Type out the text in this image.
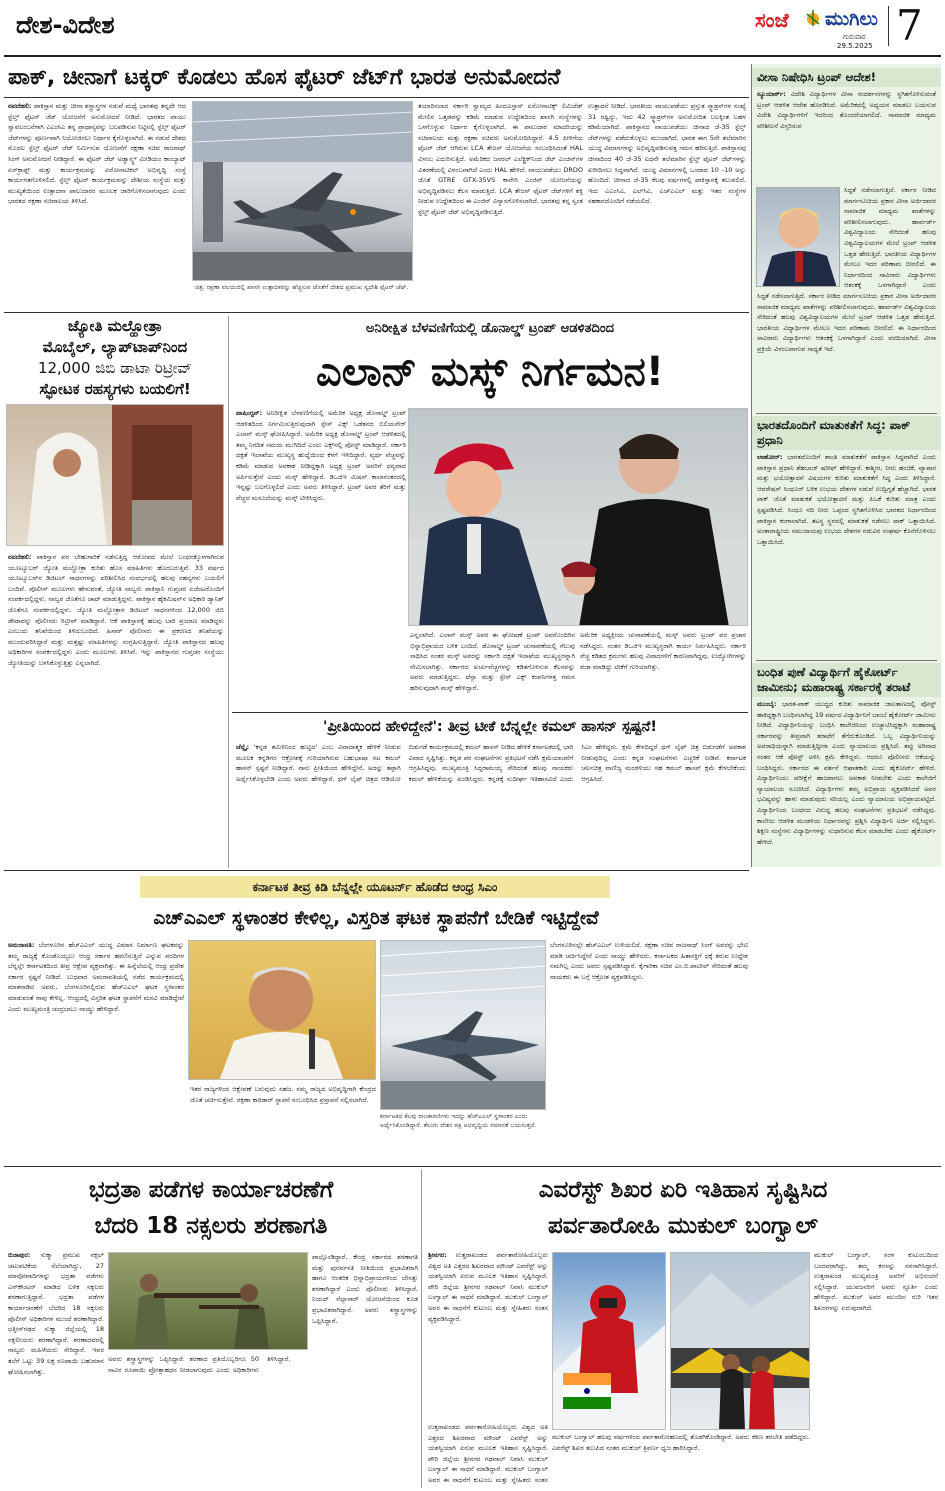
ದೇಶ-ವಿದೇಶ	ಸಂಜೆ ಮುಗಿಲು
ಗುರುವಾರ
29.5.2025 7
ಪಾಕ್, ಚೀನಾಗೆ ಟಕ್ಕರ್ ಕೊಡಲು ಹೊಸ ಫೈಟರ್ ಜೆಟ್‌ಗೆ ಭಾರತ ಅನುಮೋದನೆ
ನವದೆಹಲಿ: ಪಾಕಿಸ್ತಾನ ಮತ್ತು ಚೀನಾ ಶಸ್ತ್ರಾಸ್ತ್ರಗಳ ನಡುವೆ ಮಧ್ಯೆ ಭಾರತವು ತನ್ನದೇ ಆದ ಸ್ಟೆಲ್ತ್ ಫೈಟರ್ ಜೆಟ್ ಯೋಜನೆಗೆ ಅನುಮೋದನೆ ನೀಡಿದೆ. ಭಾರತದ ವಾಯು ಸ್ವಾವಲಂಬನೆಗಾಗಿ ಎಎಂಸಿಎ ತನ್ನ ಪ್ರಾಥಾನ್ಯವನ್ನು ಬಲಪಡಿಸುವ ನಿಟ್ಟಿನಲ್ಲಿ ಸ್ಟೆಲ್ತ್ ಫೈಟರ್ ಜೆಟ್‌ಗಳನ್ನು ಪೂರ್ಣವಾಗಿ ನಿಯೋಜಿಸಲು ನಿರ್ಧಾರ ಕೈಗೊಳ್ಳಲಾಗಿದೆ. ಈ ನಡುವೆ ದೇಶದ ಮೊದಲ ಸ್ಟೆಲ್ತ್ ಫೈಟರ್ ಜೆಟ್ ನಿರ್ಮಿಸುವ ಯೋಜನೆಗೆ ರಕ್ಷಣಾ ಸಚಿವ ರಾಜನಾಥ್ ಸಿಂಗ್ ಅನುಮೋದನೆ ನೀಡಿದ್ದಾರೆ. ಈ ಫೈಟರ್ ಜೆಟ್ ಅಡ್ವಾನ್ಸ್ಡ್ ಮೀಡಿಯಂ ಕಾಂಬ್ಯಾಟ್ ಏರ್‌ಕ್ರಾಫ್ಟ್ ಮತ್ತು ಕಾರ್ಯಕ್ರಮವನ್ನು ಏರೋನಾಟಿಕಲ್ ಅಭಿವೃದ್ಧಿ ಸಂಸ್ಥೆ ಕಾರ್ಯಗತಗೊಳಿಸಲಿದೆ. ಸ್ಟೆಲ್ತ್ ಫೈಟರ್ ಕಾರ್ಯಕ್ರಮವನ್ನು ದೇಶೀಯ ಸಂಸ್ಥೆಯ ಮತ್ತು ಮುಖ್ಯತೆಯಿಂದ ಉತ್ಪಾದನಾ ಪಾಲುದಾರರ ಮೂಲಕ ಜಾರಿಗೊಳಿಸಲಾಗುವುದು ಎಂದು ಭಾರತದ ರಕ್ಷಣಾ ಸಚಿವಾಲಯ ತಿಳಿಸಿದೆ.
ಚಿತ್ರ: ರಕ್ಷಣಾ ವಲಯದಲ್ಲಿ ಖಾಸಗಿ ಉತ್ಪಾದಕರನ್ನು ಹೆಚ್ಚಿಸುವ ಜೊತೆಗೆ ದೇಶದ ಪ್ರಮುಖ ಸ್ವದೇಶಿ ಫೈಟರ್ ಜೆಟ್.
ತಯಾರಿಸಲಾದ ಸರ್ಕಾರಿ ಸ್ವಾಮ್ಯದ ಹಿಂದೂಸ್ತಾನ್ ಏರೋನಾಟಿಕ್ಸ್ ಲಿಮಿಟೆಡ್ ಮೇಲಿನ ಒತ್ತಡವನ್ನು ಕಡಿಮೆ ಮಾಡುವ ಉದ್ದೇಶದಿಂದ ಖಾಸಗಿ ಸಂಸ್ಥೆಗಳನ್ನು ಒಳಗೊಳ್ಳುವ ನಿರ್ಧಾರ ಕೈಗೊಳ್ಳಲಾಗಿದೆ. ಈ ಪಾಲುದಾರ ಮಾದರಿಯನ್ನು ಸಚಿವಾಲಯ ಮತ್ತು ರಕ್ಷಣಾ ಸಚಿವರು ಅನುಮೋದಿಸಿದ್ದಾರೆ. 4.5 ಪೀಳಿಗೆಯ ಫೈಟರ್ ಜೆಟ್ ಆಗಿರುವ LCA ತೇಜಸ್ ಯೋಜನೆಯ ಸಂಬಂಧಿಸಿದಂತೆ HAL ವಿಳಂಬ ಎದುರಿಸುತ್ತಿದೆ. ಅಮೆರಿಕದ ಜನರಲ್ ಎಲೆಕ್ಟ್ರಿಕ್‌ನಿಂದ ಜೆಟ್ ಎಂಜಿನ್‌ಗಳ ವಿತರಣೆಯಲ್ಲಿ ವಿಳಂಬವಾಗಿದೆ ಎಂದು HAL ಹೇಳಿದೆ. ವಾಯುಪಡೆಯು DRDO ಜೊತೆ GTRE GTX-35VS ಕಾವೇರಿ ಎಂಜಿನ್ ಯೋಜನೆಯನ್ನು ಅಭಿವೃದ್ಧಿಪಡಿಸಲು ಕೆಲಸ ಮಾಡುತ್ತಿದೆ. LCA ತೇಜಸ್ ಫೈಟರ್ ಜೆಟ್‌ಗಳಿಗೆ ಶಕ್ತಿ ನೀಡುವ ಉದ್ದೇಶದಿಂದ ಈ ಎಂಜಿನ್ ವಿನ್ಯಾಸಗೊಳಿಸಲಾಗಿದೆ. ಭಾರತವು ತನ್ನ ಸ್ವಂತ ಸ್ಟೆಲ್ತ್ ಫೈಟರ್ ಜೆಟ್ ಅಭಿವೃದ್ಧಿಪಡಿಸುತ್ತಿದೆ.
ಉತ್ಪಾದನೆ ನೀಡಿದೆ. ಭಾರತೀಯ ವಾಯುಪಡೆಯು ಪ್ರಸ್ತುತ ಸ್ಕ್ವಾಡ್ರನ್‌ಗಳ ಸಂಖ್ಯೆ 31 ರಷ್ಟಿದ್ದು, ಇದು 42 ಸ್ಕ್ವಾಡ್ರನ್‌ಗಳ ಅನುಮೋದಿತ ಬಲಕ್ಕಿಂತ ಬಹಳ ಕಡಿಮೆಯಾಗಿದೆ. ಪಾಕಿಸ್ತಾನದ ವಾಯುಪಡೆಯು ಚೀನಾದ ಜೆ-35 ಸ್ಟೆಲ್ತ್ ಜೆಟ್‌ಗಳನ್ನು ಪಡೆದುಕೊಳ್ಳಲು ಮುಂದಾಗಿದೆ. ಭಾರತ ಈಗ 5ನೇ ತಲೆಮಾರಿನ ಯುದ್ಧ ವಿಮಾನಗಳನ್ನು ಅಭಿವೃದ್ಧಿಪಡಿಸುವತ್ತ ಗಮನ ಹರಿಸುತ್ತಿದೆ. ಪಾಕಿಸ್ತಾನವು ಚೀನಾದಿಂದ 40 ಜೆ-35 ಐದನೇ ತಲೆಮಾರಿನ ಸ್ಟೆಲ್ತ್ ಫೈಟರ್ ಜೆಟ್‌ಗಳನ್ನು ಖರೀದಿಸಲು ಸಿದ್ಧವಾಗಿದೆ. ಯುದ್ಧ ವಿಮಾನಗಳಲ್ಲಿ ಒಂದಾದ 10 -10 ಅನ್ನು ಹೊಂದಿದೆ. ಚೀನಾದ ಜೆ-35 ಕೆಲವು ವರ್ಷಗಳಲ್ಲಿ ಪಾಕಿಸ್ತಾನಕ್ಕೆ ತಲುಪಲಿದೆ. ಇದು ಎಎಂಸಿಎ, ಎಲ್‌ಸಿಎ, ಎಚ್‌ಎಎಲ್ ಮತ್ತು ಇತರ ಸಂಸ್ಥೆಗಳ ಸಹಕಾರದೊಂದಿಗೆ ನಡೆಯಲಿದೆ.
ಜ್ಯೋತಿ ಮಲ್ಹೋತ್ರಾ
ಮೊಬೈಲ್, ಲ್ಯಾಪ್‌ಟಾಪ್‌ನಿಂದ
12,000 ಜಿಬಿ ಡಾಟಾ ರಿಟ್ರೀವ್
ಸ್ಫೋಟಕ ರಹಸ್ಯಗಳು ಬಯಲಿಗೆ!
ನವದೆಹಲಿ: ಪಾಕಿಸ್ತಾನ ಪರ ಬೇಹುಗಾರಿಕೆ ನಡೆಸುತ್ತಿದ್ದ ಆರೋಪದ ಮೇಲೆ ಬಂಧನಕ್ಕೊಳಗಾಗಿರುವ ಯೂಟ್ಯೂಬರ್ ಜ್ಯೋತಿ ಮಲ್ಹೋತ್ರಾ ಕುರಿತು ಹೊಸ ಮಾಹಿತಿಗಳು ಹೊರಬರುತ್ತಿವೆ. 33 ವರ್ಷದ ಯೂಟ್ಯೂಬರ್‌ನ ಡಿಜಿಟಲ್ ಸಾಧನಗಳನ್ನು ಪರಿಶೀಲಿಸಿದ ಸಂದರ್ಭದಲ್ಲಿ ಹಲವು ರಹಸ್ಯಗಳು ಬಯಲಿಗೆ ಬಂದಿವೆ. ಪೊಲೀಸ್ ಮೂಲಗಳು ಹೇಳುವಂತೆ, ಜ್ಯೋತಿ ನಾಲ್ವರು ಪಾಕಿಸ್ತಾನಿ ಗುಪ್ತಚರ ಏಜೆಂಟರೊಂದಿಗೆ ಸಂಪರ್ಕದಲ್ಲಿದ್ದಳು. ನಾಲ್ವರ ಜೊತೆಗೂ ಚಾಟ್ ಮಾಡುತ್ತಿದ್ದಳು. ಪಾಕಿಸ್ತಾನ ಹೈಕಮಿಷನ್‌ನ ಅಧಿಕಾರಿ ಡ್ಯಾನಿಶ್ ಜೊತೆಗೂ ಸಂಪರ್ಕದಲ್ಲಿದ್ದಳು. ಜ್ಯೋತಿ ಮಲ್ಹೋತ್ರಾಳ ಡಿಜಿಟಲ್ ಸಾಧನಗಳಿಂದ 12,000 ಜಿಬಿ ಡೇಟಾವನ್ನು ಪೊಲೀಸರು ರಿಟ್ರೀವ್ ಮಾಡಿದ್ದಾರೆ. ಆಕೆ ಪಾಕಿಸ್ತಾನಕ್ಕೆ ಹಲವು ಬಾರಿ ಪ್ರಯಾಣ ಮಾಡಿದ್ದಳು ಎಂಬುದು ತನಿಖೆಯಿಂದ ತಿಳಿದುಬಂದಿದೆ. ಹಿಸಾರ್ ಪೊಲೀಸರು ಈ ಪ್ರಕರಣದ ತನಿಖೆಯನ್ನು ಮುಂದುವರಿಸಿದ್ದಾರೆ ಮತ್ತು ಮತ್ತಷ್ಟು ಮಾಹಿತಿಗಳನ್ನು ಸಂಗ್ರಹಿಸುತ್ತಿದ್ದಾರೆ. ಜ್ಯೋತಿ ಪಾಕಿಸ್ತಾನದ ಹಲವು ಅಧಿಕಾರಿಗಳ ಸಂಪರ್ಕದಲ್ಲಿದ್ದಳು ಎಂದು ಮೂಲಗಳು ತಿಳಿಸಿವೆ. ಇನ್ನು ಪಾಕಿಸ್ತಾನದ ಗುಪ್ತಚರ ಸಂಸ್ಥೆಯು ಜ್ಯೋತಿಯನ್ನು ಬಳಸಿಕೊಳ್ಳುತ್ತಿತ್ತು ಎನ್ನಲಾಗಿದೆ.
ಅನಿರೀಕ್ಷಿತ ಬೆಳವಣಿಗೆಯಲ್ಲಿ ಡೊನಾಲ್ಡ್ ಟ್ರಂಪ್ ಆಡಳಿತದಿಂದ
ಎಲಾನ್ ಮಸ್ಕ್ ನಿರ್ಗಮನ!
ವಾಷಿಂಗ್ಟನ್: ಅನಿರೀಕ್ಷಿತ ಬೆಳವಣಿಗೆಯಲ್ಲಿ ಅಮೆರಿಕ ಅಧ್ಯಕ್ಷ ಡೊನಾಲ್ಡ್ ಟ್ರಂಪ್ ಆಡಳಿತದಿಂದ ನಿರ್ಗಮಿಸುತ್ತಿರುವುದಾಗಿ ಸ್ಪೇಸ್ ಎಕ್ಸ್ ಒಡೆತನದ ಬಿಲಿಯನೇರ್ ಎಲಾನ್ ಮಸ್ಕ್ ಘೋಷಿಸಿದ್ದಾರೆ. ಅಮೆರಿಕ ಅಧ್ಯಕ್ಷ ಡೊನಾಲ್ಡ್ ಟ್ರಂಪ್ ಆಡಳಿತದಲ್ಲಿ ತಮ್ಮ ನಿಗದಿತ ಸಮಯ ಮುಗಿದಿದೆ ಎಂದು ಎಕ್ಸ್‌ನಲ್ಲಿ ಪೋಸ್ಟ್ ಮಾಡಿದ್ದಾರೆ. ಸರ್ಕಾರಿ ದಕ್ಷತೆ ಇಲಾಖೆಯ ಮುಖ್ಯಸ್ಥ ಹುದ್ದೆಯಿಂದ ಕೆಳಗೆ ಇಳಿದಿದ್ದಾರೆ. ವ್ಯರ್ಥ ವೆಚ್ಚವನ್ನು ಕಡಿಮೆ ಮಾಡುವ ಅವಕಾಶ ನೀಡಿದ್ದಕ್ಕಾಗಿ ಅಧ್ಯಕ್ಷ ಟ್ರಂಪ್ ಅವರಿಗೆ ಧನ್ಯವಾದ ಅರ್ಪಿಸುತ್ತೇನೆ ಎಂದು ಮಸ್ಕ್ ಹೇಳಿದ್ದಾರೆ. ಡಿಒಜಿಇ ಮಿಷನ್ ಕಾಲಾನಂತರದಲ್ಲಿ ಇನ್ನಷ್ಟು ಬಲಗೊಳ್ಳಲಿದೆ ಎಂದು ಅವರು ತಿಳಿಸಿದ್ದಾರೆ. ಟ್ರಂಪ್ ಅವರ ತೆರಿಗೆ ಮತ್ತು ವೆಚ್ಚದ ಮಸೂದೆಯನ್ನು ಮಸ್ಕ್ ಟೀಕಿಸಿದ್ದರು.
ಎನ್ನಲಾಗಿದೆ. ಎಲಾನ್ ಮಸ್ಕ್ ಅವರ ಈ ಘೋಷಣೆ ಟ್ರಂಪ್ ಅವರೊಂದಿಗಿನ ಭಿನ್ನಾಭಿಪ್ರಾಯದ ಬಳಿಕ ಬಂದಿದೆ. ಡೊನಾಲ್ಡ್ ಟ್ರಂಪ್ ಚುನಾವಣೆಯಲ್ಲಿ ಗೆಲುವು ಸಾಧಿಸಿದ ನಂತರ ಮಸ್ಕ್ ಅವರನ್ನು ಸರ್ಕಾರಿ ದಕ್ಷತೆ ಇಲಾಖೆಯ ಮುಖ್ಯಸ್ಥರನ್ನಾಗಿ ನೇಮಿಸಲಾಗಿತ್ತು. ಸರ್ಕಾರದ ಖರ್ಚುವೆಚ್ಚಗಳನ್ನು ಕಡಿತಗೊಳಿಸುವ ಕೆಲಸವನ್ನು ಅವರು ಮಾಡುತ್ತಿದ್ದರು. ಟೆಸ್ಲಾ ಮತ್ತು ಸ್ಪೇಸ್ ಎಕ್ಸ್ ಕಂಪನಿಗಳತ್ತ ಗಮನ ಹರಿಸುವುದಾಗಿ ಮಸ್ಕ್ ಹೇಳಿದ್ದಾರೆ.
ಅಮೆರಿಕ ಅಧ್ಯಕ್ಷೀಯ ಚುನಾವಣೆಯಲ್ಲಿ ಮಸ್ಕ್ ಅವರು ಟ್ರಂಪ್ ಪರ ಪ್ರಚಾರ ನಡೆಸಿದ್ದರು. ನಂತರ ಡಿಒಜಿಇ ಮುಖ್ಯಸ್ಥರಾಗಿ ಕಾರ್ಯ ನಿರ್ವಹಿಸಿದ್ದರು. ಸರ್ಕಾರಿ ವೆಚ್ಚ ಕಡಿತದ ಕ್ರಮಗಳು ಹಲವು ವಿವಾದಗಳಿಗೆ ಕಾರಣವಾಗಿದ್ದವು. ಉದ್ಯೋಗಿಗಳನ್ನು ವಜಾ ಮಾಡಿದ್ದು ಟೀಕೆಗೆ ಗುರಿಯಾಗಿತ್ತು.
'ಪ್ರೀತಿಯಿಂದ ಹೇಳಿದ್ದೇನೆ': ತೀವ್ರ ಟೀಕೆ ಬೆನ್ನಲ್ಲೇ ಕಮಲ್ ಹಾಸನ್ ಸ್ಪಷ್ಟನೆ!
ಚೆನ್ನೈ: 'ಕನ್ನಡ ತಮಿಳಿನಿಂದ ಹುಟ್ಟಿದ' ಎಂಬ ವಿವಾದಾತ್ಮಕ ಹೇಳಿಕೆ ನೀಡುವ ಮೂಲಕ ಕನ್ನಡಿಗರ ಆಕ್ರೋಶಕ್ಕೆ ಗುರಿಯಾಗಿರುವ ಬಹುಭಾಷಾ ನಟ ಕಮಲ್ ಹಾಸನ್ ಸ್ಪಷ್ಟನೆ ನೀಡಿದ್ದಾರೆ. ನಾನು ಪ್ರೀತಿಯಿಂದ ಹೇಳಿದ್ದೇನೆ, ಅದನ್ನು ತಪ್ಪಾಗಿ ಅರ್ಥೈಸಿಕೊಳ್ಳಬೇಡಿ ಎಂದು ಅವರು ಹೇಳಿದ್ದಾರೆ. ಥಗ್ ಲೈಫ್ ಚಿತ್ರದ ಆಡಿಯೋ ಬಿಡುಗಡೆ ಕಾರ್ಯಕ್ರಮದಲ್ಲಿ ಕಮಲ್ ಹಾಸನ್ ನೀಡಿದ ಹೇಳಿಕೆ ಕರ್ನಾಟಕದಲ್ಲಿ ಭಾರಿ ವಿವಾದ ಸೃಷ್ಟಿಸಿತ್ತು. ಕನ್ನಡ ಪರ ಸಂಘಟನೆಗಳು ಪ್ರತಿಭಟನೆ ನಡೆಸಿ ಕ್ಷಮೆಯಾಚನೆಗೆ ಆಗ್ರಹಿಸಿದ್ದವು. ಮುಖ್ಯಮಂತ್ರಿ ಸಿದ್ದರಾಮಯ್ಯ ಸೇರಿದಂತೆ ಹಲವು ನಾಯಕರು ಕಮಲ್ ಹೇಳಿಕೆಯನ್ನು ಖಂಡಿಸಿದ್ದರು. ಕನ್ನಡಕ್ಕೆ ಸುದೀರ್ಘ ಇತಿಹಾಸವಿದೆ ಎಂದು ಸಿಎಂ ಹೇಳಿದ್ದರು. ಕ್ಷಮೆ ಕೇಳದಿದ್ದರೆ ಥಗ್ ಲೈಫ್ ಚಿತ್ರ ಬಿಡುಗಡೆಗೆ ಅವಕಾಶ ನೀಡುವುದಿಲ್ಲ ಎಂದು ಕನ್ನಡ ಸಂಘಟನೆಗಳು ಎಚ್ಚರಿಕೆ ನೀಡಿವೆ. ಕರ್ನಾಟಕ ಚಲನಚಿತ್ರ ವಾಣಿಜ್ಯ ಮಂಡಳಿಯು ಸಹ ಕಮಲ್ ಹಾಸನ್ ಕ್ಷಮೆ ಕೇಳಬೇಕೆಂದು ಆಗ್ರಹಿಸಿದೆ.
ವೀಸಾ ನಿಷೇಧಿಸಿ ಟ್ರಂಪ್ ಆದೇಶ!
ನ್ಯೂಯಾರ್ಕ್: ವಿದೇಶಿ ವಿದ್ಯಾರ್ಥಿಗಳ ವೀಸಾ ಸಂದರ್ಶನಗಳನ್ನು ಸ್ಥಗಿತಗೊಳಿಸುವಂತೆ ಟ್ರಂಪ್ ಆಡಳಿತ ಆದೇಶ ಹೊರಡಿಸಿದೆ. ಅಮೆರಿಕದಲ್ಲಿ ಅಧ್ಯಯನ ಮಾಡಲು ಬಯಸುವ ವಿದೇಶಿ ವಿದ್ಯಾರ್ಥಿಗಳಿಗೆ ಇದರಿಂದ ತೊಂದರೆಯಾಗಲಿದೆ. ಸಾಮಾಜಿಕ ಮಾಧ್ಯಮ ಪರಿಶೀಲನೆ ವಿಸ್ತರಿಸುವ
ಸಿದ್ಧತೆ ನಡೆಸಲಾಗುತ್ತಿದೆ. ಸರ್ಕಾರ ನೀಡಿದ ಮಾರ್ಗಸೂಚಿಯ ಪ್ರಕಾರ ವೀಸಾ ಅರ್ಜಿದಾರರ ಸಾಮಾಜಿಕ ಮಾಧ್ಯಮ ಖಾತೆಗಳನ್ನು ಪರಿಶೀಲಿಸಲಾಗುವುದು. ಹಾರ್ವರ್ಡ್ ವಿಶ್ವವಿದ್ಯಾಲಯ ಸೇರಿದಂತೆ ಹಲವು ವಿಶ್ವವಿದ್ಯಾಲಯಗಳ ಮೇಲೆ ಟ್ರಂಪ್ ಆಡಳಿತ ಒತ್ತಡ ಹೇರುತ್ತಿದೆ. ಭಾರತೀಯ ವಿದ್ಯಾರ್ಥಿಗಳ ಮೇಲೂ ಇದರ ಪರಿಣಾಮ ಬೀರಲಿದೆ. ಈ ನಿರ್ಧಾರದಿಂದ ಸಾವಿರಾರು ವಿದ್ಯಾರ್ಥಿಗಳು ಆತಂಕಕ್ಕೆ ಒಳಗಾಗಿದ್ದಾರೆ ಎಂದು
ಸಿದ್ಧತೆ ನಡೆಸಲಾಗುತ್ತಿದೆ. ಸರ್ಕಾರ ನೀಡಿದ ಮಾರ್ಗಸೂಚಿಯ ಪ್ರಕಾರ ವೀಸಾ ಅರ್ಜಿದಾರರ ಸಾಮಾಜಿಕ ಮಾಧ್ಯಮ ಖಾತೆಗಳನ್ನು ಪರಿಶೀಲಿಸಲಾಗುವುದು. ಹಾರ್ವರ್ಡ್ ವಿಶ್ವವಿದ್ಯಾಲಯ ಸೇರಿದಂತೆ ಹಲವು ವಿಶ್ವವಿದ್ಯಾಲಯಗಳ ಮೇಲೆ ಟ್ರಂಪ್ ಆಡಳಿತ ಒತ್ತಡ ಹೇರುತ್ತಿದೆ. ಭಾರತೀಯ ವಿದ್ಯಾರ್ಥಿಗಳ ಮೇಲೂ ಇದರ ಪರಿಣಾಮ ಬೀರಲಿದೆ. ಈ ನಿರ್ಧಾರದಿಂದ ಸಾವಿರಾರು ವಿದ್ಯಾರ್ಥಿಗಳು ಆತಂಕಕ್ಕೆ ಒಳಗಾಗಿದ್ದಾರೆ ಎಂದು ವರದಿಯಾಗಿದೆ. ವೀಸಾ ಪ್ರಕ್ರಿಯೆ ವಿಳಂಬವಾಗುವ ಸಾಧ್ಯತೆ ಇದೆ.
ಭಾರತದೊಂದಿಗೆ ಮಾತುಕತೆಗೆ ಸಿದ್ಧ: ಪಾಕ್ ಪ್ರಧಾನಿ
ಲಾಹೋರ್: ಭಾರತದೊಂದಿಗೆ ಶಾಂತಿ ಮಾತುಕತೆಗೆ ಪಾಕಿಸ್ತಾನ ಸಿದ್ಧವಾಗಿದೆ ಎಂದು ಪಾಕಿಸ್ತಾನ ಪ್ರಧಾನಿ ಶೆಹಬಾಜ್ ಷರೀಫ್ ಹೇಳಿದ್ದಾರೆ. ಕಾಶ್ಮೀರ, ನೀರು ಹಂಚಿಕೆ, ವ್ಯಾಪಾರ ಮತ್ತು ಭಯೋತ್ಪಾದನೆ ವಿಷಯಗಳ ಕುರಿತು ಮಾತುಕತೆಗೆ ಸಿದ್ಧ ಎಂದು ತಿಳಿಸಿದ್ದಾರೆ. ಆಪರೇಷನ್ ಸಿಂಧೂರ್ ಬಳಿಕ ಉಭಯ ದೇಶಗಳ ನಡುವೆ ಉದ್ವಿಗ್ನತೆ ಹೆಚ್ಚಾಗಿದೆ. ಭಾರತ ಪಾಕ್ ಜೊತೆ ಮಾತುಕತೆ ಭಯೋತ್ಪಾದನೆ ಮತ್ತು ಪಿಒಕೆ ಕುರಿತು ಮಾತ್ರ ಎಂದು ಸ್ಪಷ್ಟಪಡಿಸಿದೆ. ಸಿಂಧೂ ನದಿ ನೀರು ಒಪ್ಪಂದ ಸ್ಥಗಿತಗೊಳಿಸಿದ ಭಾರತದ ನಿರ್ಧಾರದಿಂದ ಪಾಕಿಸ್ತಾನ ಕಂಗಾಲಾಗಿದೆ. ತಟಸ್ಥ ಸ್ಥಳದಲ್ಲಿ ಮಾತುಕತೆ ನಡೆಸಲು ಪಾಕ್ ಒತ್ತಾಯಿಸಿದೆ. ಅಂತಾರಾಷ್ಟ್ರೀಯ ಸಮುದಾಯವು ಉಭಯ ದೇಶಗಳ ನಡುವಿನ ಸಂಘರ್ಷ ಕೊನೆಗೊಳಿಸಲು ಒತ್ತಾಯಿಸಿದೆ.
ಬಂಧಿತ ಪುಣೆ ವಿದ್ಯಾರ್ಥಿಗೆ ಹೈಕೋರ್ಟ್ ಜಾಮೀನು; ಮಹಾರಾಷ್ಟ್ರ ಸರ್ಕಾರಕ್ಕೆ ತರಾಟೆ
ಮುಂಬೈ: ಭಾರತ-ಪಾಕ್ ಯುದ್ಧದ ಕುರಿತು ಸಾಮಾಜಿಕ ಜಾಲತಾಣದಲ್ಲಿ ಪೋಸ್ಟ್ ಹಾಕಿದ್ದಕ್ಕಾಗಿ ಬಂಧಿಸಲಾಗಿದ್ದ 19 ವರ್ಷದ ವಿದ್ಯಾರ್ಥಿನಿಗೆ ಬಾಂಬೆ ಹೈಕೋರ್ಟ್ ಜಾಮೀನು ನೀಡಿದೆ. ವಿದ್ಯಾರ್ಥಿನಿಯನ್ನು ಬಂಧಿಸಿ ಕಾಲೇಜಿನಿಂದ ಉಚ್ಚಾಟಿಸಿದ್ದಕ್ಕಾಗಿ ಮಹಾರಾಷ್ಟ್ರ ಸರ್ಕಾರವನ್ನು ತೀವ್ರವಾಗಿ ತರಾಟೆಗೆ ತೆಗೆದುಕೊಂಡಿದೆ. ಒಬ್ಬ ವಿದ್ಯಾರ್ಥಿನಿಯನ್ನು ಅಪರಾಧಿಯನ್ನಾಗಿ ಮಾಡುತ್ತಿದ್ದೀರಾ ಎಂದು ನ್ಯಾಯಾಲಯ ಪ್ರಶ್ನಿಸಿದೆ. ತಪ್ಪು ಅರಿವಾದ ನಂತರ ಆಕೆ ಪೋಸ್ಟ್ ಅಳಿಸಿ ಕ್ಷಮೆ ಕೇಳಿದ್ದಳು. ಆದರೂ ಪೊಲೀಸರು ಆಕೆಯನ್ನು ಬಂಧಿಸಿದ್ದರು. ಸರ್ಕಾರದ ಈ ವರ್ತನೆ ಆಘಾತಕಾರಿ ಎಂದು ಹೈಕೋರ್ಟ್ ಹೇಳಿದೆ. ವಿದ್ಯಾರ್ಥಿನಿಯು ಪರೀಕ್ಷೆಗೆ ಹಾಜರಾಗಲು ಅವಕಾಶ ನೀಡಬೇಕು ಎಂದು ಕಾಲೇಜಿಗೆ ನ್ಯಾಯಾಲಯ ಸೂಚಿಸಿದೆ. ವಿದ್ಯಾರ್ಥಿಗಳು ತಮ್ಮ ಅಭಿಪ್ರಾಯ ವ್ಯಕ್ತಪಡಿಸಿದರೆ ಅವರ ಭವಿಷ್ಯವನ್ನು ಹಾಳು ಮಾಡುವುದು ಸರಿಯಲ್ಲ ಎಂದು ನ್ಯಾಯಾಲಯ ಅಭಿಪ್ರಾಯಪಟ್ಟಿದೆ. ವಿದ್ಯಾರ್ಥಿನಿಯ ಬಂಧನದ ವಿರುದ್ಧ ಹಲವು ಸಂಘಟನೆಗಳು ಪ್ರತಿಭಟನೆ ನಡೆಸಿದ್ದವು. ಕಾಲೇಜು ಆಡಳಿತ ಮಂಡಳಿಯ ನಿರ್ಧಾರವನ್ನು ಪ್ರಶ್ನಿಸಿ ವಿದ್ಯಾರ್ಥಿನಿ ಅರ್ಜಿ ಸಲ್ಲಿಸಿದ್ದಳು. ಶಿಕ್ಷಣ ಸಂಸ್ಥೆಗಳು ವಿದ್ಯಾರ್ಥಿಗಳನ್ನು ಸುಧಾರಿಸುವ ಕೆಲಸ ಮಾಡಬೇಕು ಎಂದು ಹೈಕೋರ್ಟ್ ಹೇಳಿದೆ.
ಕರ್ನಾಟಕ ತೀವ್ರ ಕಿಡಿ ಬೆನ್ನಲ್ಲೇ ಯೂಟರ್ನ್ ಹೊಡೆದ ಆಂಧ್ರ ಸಿಎಂ
ಎಚ್‌ಎಎಲ್ ಸ್ಥಳಾಂತರ ಕೇಳಿಲ್ಲ, ವಿಸ್ತರಿತ ಘಟಕ ಸ್ಥಾಪನೆಗೆ ಬೇಡಿಕೆ ಇಟ್ಟಿದ್ದೇವೆ
ಅಮರಾವತಿ: ಬೆಂಗಳೂರಿನ ಹೆಚ್‌ಎಎಲ್ ಯುದ್ಧ ವಿಮಾನ ನಿರ್ಮಾಣ ಘಟಕವನ್ನು ತಮ್ಮ ರಾಜ್ಯಕ್ಕೆ ಕೊಂಡೊಯ್ಯಲು ಆಂಧ್ರ ಸರ್ಕಾರ ಹವಣಿಸುತ್ತಿದೆ ಎನ್ನುವ ವರದಿಗಳ ಬೆನ್ನಲ್ಲೇ ಕರ್ನಾಟಕದಿಂದ ತೀವ್ರ ಆಕ್ಷೇಪ ವ್ಯಕ್ತವಾಗಿತ್ತು. ಈ ಹಿನ್ನೆಲೆಯಲ್ಲಿ ಆಂಧ್ರ ಪ್ರದೇಶ ಸರ್ಕಾರ ಸ್ಪಷ್ಟನೆ ನೀಡಿದೆ. ಬುಧವಾರ ಅಮರಾವತಿಯಲ್ಲಿ ನಡೆದ ಕಾರ್ಯಕ್ರಮದಲ್ಲಿ ಮಾತನಾಡಿದ ಅವರು, ಬೆಂಗಳೂರಿನಲ್ಲಿರುವ ಹೆಚ್‌ಎಎಲ್ ಘಟಕ ಸ್ಥಳಾಂತರ ಮಾಡುವಂತೆ ನಾವು ಕೇಳಿಲ್ಲ. ಆಂಧ್ರದಲ್ಲಿ ವಿಸ್ತರಿತ ಘಟಕ ಸ್ಥಾಪನೆಗೆ ಮನವಿ ಮಾಡಿದ್ದೇವೆ ಎಂದು ಮುಖ್ಯಮಂತ್ರಿ ಚಂದ್ರಬಾಬು ನಾಯ್ಡು ಹೇಳಿದ್ದಾರೆ.
ಕರ್ನಾಟಕದ ಕೆಲವು ರಾಜಕಾರಣಿಗಳು ಇದನ್ನು ಹೆಚ್‌ಎಎಲ್ ಸ್ಥಳಾಂತರ ಎಂದು ಅರ್ಥೈಸಿಕೊಂಡಿದ್ದಾರೆ. ತೆಲುಗು ದೇಶಂ ಪಕ್ಷ ಅಭಿವೃದ್ಧಿಯ ಸಮಾನತೆ ಬಯಸುತ್ತದೆ.
ಇತರ ರಾಜ್ಯಗಳಿಂದ ಆಕ್ಷೇಪಣೆ ಬರುವುದು ಸಹಜ. ನಮ್ಮ ರಾಜ್ಯದ ಅಭಿವೃದ್ಧಿಗಾಗಿ ಕೇಂದ್ರದ ಜೊತೆ ಚರ್ಚಿಸುತ್ತೇವೆ. ರಕ್ಷಣಾ ಕಾರಿಡಾರ್ ಸ್ಥಾಪನೆ ಸಂಬಂಧಿಸಿದ ಪ್ರಸ್ತಾವನೆ ಸಲ್ಲಿಸಲಾಗಿದೆ.
ಬೆಂಗಳೂರಿನಲ್ಲೇ ಹೆಚ್‌ಎಎಲ್ ಉಳಿಯಲಿದೆ. ರಕ್ಷಣಾ ಸಚಿವ ರಾಜನಾಥ್ ಸಿಂಗ್ ಅವರನ್ನು ಭೇಟಿ ಮಾಡಿ ಚರ್ಚಿಸಿದ್ದೇನೆ ಎಂದು ನಾಯ್ಡು ಹೇಳಿದರು. ಕರ್ನಾಟಕದ ಹಿತಾಸಕ್ತಿಗೆ ಧಕ್ಕೆ ತರುವ ಉದ್ದೇಶ ನಮಗಿಲ್ಲ ಎಂದು ಅವರು ಸ್ಪಷ್ಟಪಡಿಸಿದ್ದಾರೆ. ಕೈಗಾರಿಕಾ ಸಚಿವ ಎಂ.ಬಿ.ಪಾಟೀಲ್ ಸೇರಿದಂತೆ ಹಲವು ನಾಯಕರು ಈ ಬಗ್ಗೆ ಆಕ್ರೋಶ ವ್ಯಕ್ತಪಡಿಸಿದ್ದರು.
ಭದ್ರತಾ ಪಡೆಗಳ ಕಾರ್ಯಾಚರಣೆಗೆ
ಬೆದರಿ 18 ನಕ್ಸಲರು ಶರಣಾಗತಿ
ಬಿಜಾಪುರ: ಸುಕ್ಮಾ ಪ್ರಮುಖ ನಕ್ಸಲ್ ಚಟುವಟಿಕೆಯ ನೆಲೆಯಾಗಿದ್ದು, 27 ಮಾವೋವಾದಿಗಳನ್ನು ಭದ್ರತಾ ಪಡೆಗಳು ಎನ್‌ಕೌಂಟರ್ ಮಾಡಿದ ಬಳಿಕ ನಕ್ಸಲರು ಶರಣಾಗುತ್ತಿದ್ದಾರೆ. ಭದ್ರತಾ ಪಡೆಗಳ ಕಾರ್ಯಾಚರಣೆಗೆ ಬೆದರಿದ 18 ನಕ್ಸಲರು ಪೊಲೀಸ್ ಅಧಿಕಾರಿಗಳ ಮುಂದೆ ಶರಣಾಗಿದ್ದಾರೆ. ಛತ್ತೀಸ್‌ಗಢದ ಸುಕ್ಮಾ ಜಿಲ್ಲೆಯಲ್ಲಿ 18 ನಕ್ಸಲೀಯರು ಶರಣಾಗಿದ್ದಾರೆ. ಶರಣಾದವರಲ್ಲಿ ನಾಲ್ವರು ಮಹಿಳೆಯರು ಸೇರಿದ್ದಾರೆ. ಇವರ ತಲೆಗೆ ಒಟ್ಟು 39 ಲಕ್ಷ ರೂಪಾಯಿ ಬಹುಮಾನ ಘೋಷಿಸಲಾಗಿತ್ತು.
ಪಾಲ್ಗೊಂಡಿದ್ದಾರೆ. ಕೇಂದ್ರ ಸರ್ಕಾರದ ಶರಣಾಗತಿ ಮತ್ತು ಪುನರ್ವಸತಿ ನೀತಿಯಿಂದ ಪ್ರಭಾವಿತರಾಗಿ ಹಾಗೂ ಆಂತರಿಕ ಭಿನ್ನಾಭಿಪ್ರಾಯಗಳಿಂದ ಬೇಸತ್ತು ಶರಣಾಗಿದ್ದಾರೆ ಎಂದು ಪೊಲೀಸರು ತಿಳಿಸಿದ್ದಾರೆ. ನಿಯದ್ ನೆಲ್ಲಾನಾರ್ ಯೋಜನೆಯಿಂದ ಕೂಡ ಪ್ರಭಾವಿತರಾಗಿದ್ದಾರೆ. ಅವರು ಶಸ್ತ್ರಾಸ್ತ್ರಗಳನ್ನು ಒಪ್ಪಿಸಿದ್ದಾರೆ.
ಅವರು ಶಸ್ತ್ರಾಸ್ತ್ರಗಳನ್ನು ಒಪ್ಪಿಸಿದ್ದಾರೆ. ಶರಣಾದ ಪ್ರತಿಯೊಬ್ಬರಿಗೂ 50 ಸಾವಿರ ರೂಪಾಯಿ ಪ್ರೋತ್ಸಾಹಧನ ನೀಡಲಾಗುವುದು ಎಂದು ಅಧಿಕಾರಿಗಳು ತಿಳಿಸಿದ್ದಾರೆ.
ಎವರೆಸ್ಟ್ ಶಿಖರ ಏರಿ ಇತಿಹಾಸ ಸೃಷ್ಟಿಸಿದ
ಪರ್ವತಾರೋಹಿ ಮುಕುಲ್ ಬಂಗ್ವಾಲ್
ಶ್ರೀನಗರ: ಉತ್ತರಾಖಂಡದ ಪರ್ವತಾರೋಹಿಯೊಬ್ಬರು ವಿಶ್ವದ ಅತಿ ಎತ್ತರದ ಶಿಖರವಾದ ಮೌಂಟ್ ಎವರೆಸ್ಟ್ ಅನ್ನು ಯಶಸ್ವಿಯಾಗಿ ಏರುವ ಮೂಲಕ ಇತಿಹಾಸ ಸೃಷ್ಟಿಸಿದ್ದಾರೆ. ಪೌರಿ ಜಿಲ್ಲೆಯ ಶ್ರೀನಗರ ಗಢವಾಲ್ ನಿವಾಸಿ ಮುಕುಲ್ ಬಂಗ್ವಾಲ್ ಈ ಸಾಧನೆ ಮಾಡಿದ್ದಾರೆ. ಮುಕುಲ್ ಬಂಗ್ವಾಲ್ ಅವರ ಈ ಸಾಧನೆಗೆ ಕುಟುಂಬ ಮತ್ತು ಸ್ನೇಹಿತರು ಸಂತಸ ವ್ಯಕ್ತಪಡಿಸಿದ್ದಾರೆ.
ಮುಕುಲ್ ಬಂಗ್ವಾಲ್ ಹಲವು ವರ್ಷಗಳಿಂದ ಪರ್ವತಾರೋಹಣದಲ್ಲಿ ತೊಡಗಿಕೊಂಡಿದ್ದಾರೆ. ಅವರು ಕಠಿಣ ತರಬೇತಿ ಪಡೆದಿದ್ದರು. ಎವರೆಸ್ಟ್ ಶಿಖರ ತಲುಪಿದ ನಂತರ ಮುಕುಲ್ ತ್ರಿವರ್ಣ ಧ್ವಜ ಹಾರಿಸಿದ್ದಾರೆ.
ಮುಕುಲ್ ಬಂಗ್ವಾಲ್, ಸರಳ ಕುಟುಂಬದಿಂದ ಬಂದವರಾಗಿದ್ದು, ತಮ್ಮ ಕನಸನ್ನು ನನಸಾಗಿಸಿದ್ದಾರೆ. ಉತ್ತರಾಖಂಡ ಮುಖ್ಯಮಂತ್ರಿ ಅವರಿಗೆ ಅಭಿನಂದನೆ ಸಲ್ಲಿಸಿದ್ದಾರೆ. ಯುವಜನರಿಗೆ ಅವರು ಸ್ಫೂರ್ತಿ ಎಂದು ಹೇಳಿದ್ದಾರೆ. ಮುಕುಲ್ ಅವರ ಮುಂದಿನ ಗುರಿ ಇತರ ಶಿಖರಗಳನ್ನು ಏರುವುದಾಗಿದೆ.
ಉತ್ತರಾಖಂಡದ ಪರ್ವತಾರೋಹಿಯೊಬ್ಬರು ವಿಶ್ವದ ಅತಿ ಎತ್ತರದ ಶಿಖರವಾದ ಮೌಂಟ್ ಎವರೆಸ್ಟ್ ಅನ್ನು ಯಶಸ್ವಿಯಾಗಿ ಏರುವ ಮೂಲಕ ಇತಿಹಾಸ ಸೃಷ್ಟಿಸಿದ್ದಾರೆ. ಪೌರಿ ಜಿಲ್ಲೆಯ ಶ್ರೀನಗರ ಗಢವಾಲ್ ನಿವಾಸಿ ಮುಕುಲ್ ಬಂಗ್ವಾಲ್ ಈ ಸಾಧನೆ ಮಾಡಿದ್ದಾರೆ. ಮುಕುಲ್ ಬಂಗ್ವಾಲ್ ಅವರ ಈ ಸಾಧನೆಗೆ ಕುಟುಂಬ ಮತ್ತು ಸ್ನೇಹಿತರು ಸಂತಸ
